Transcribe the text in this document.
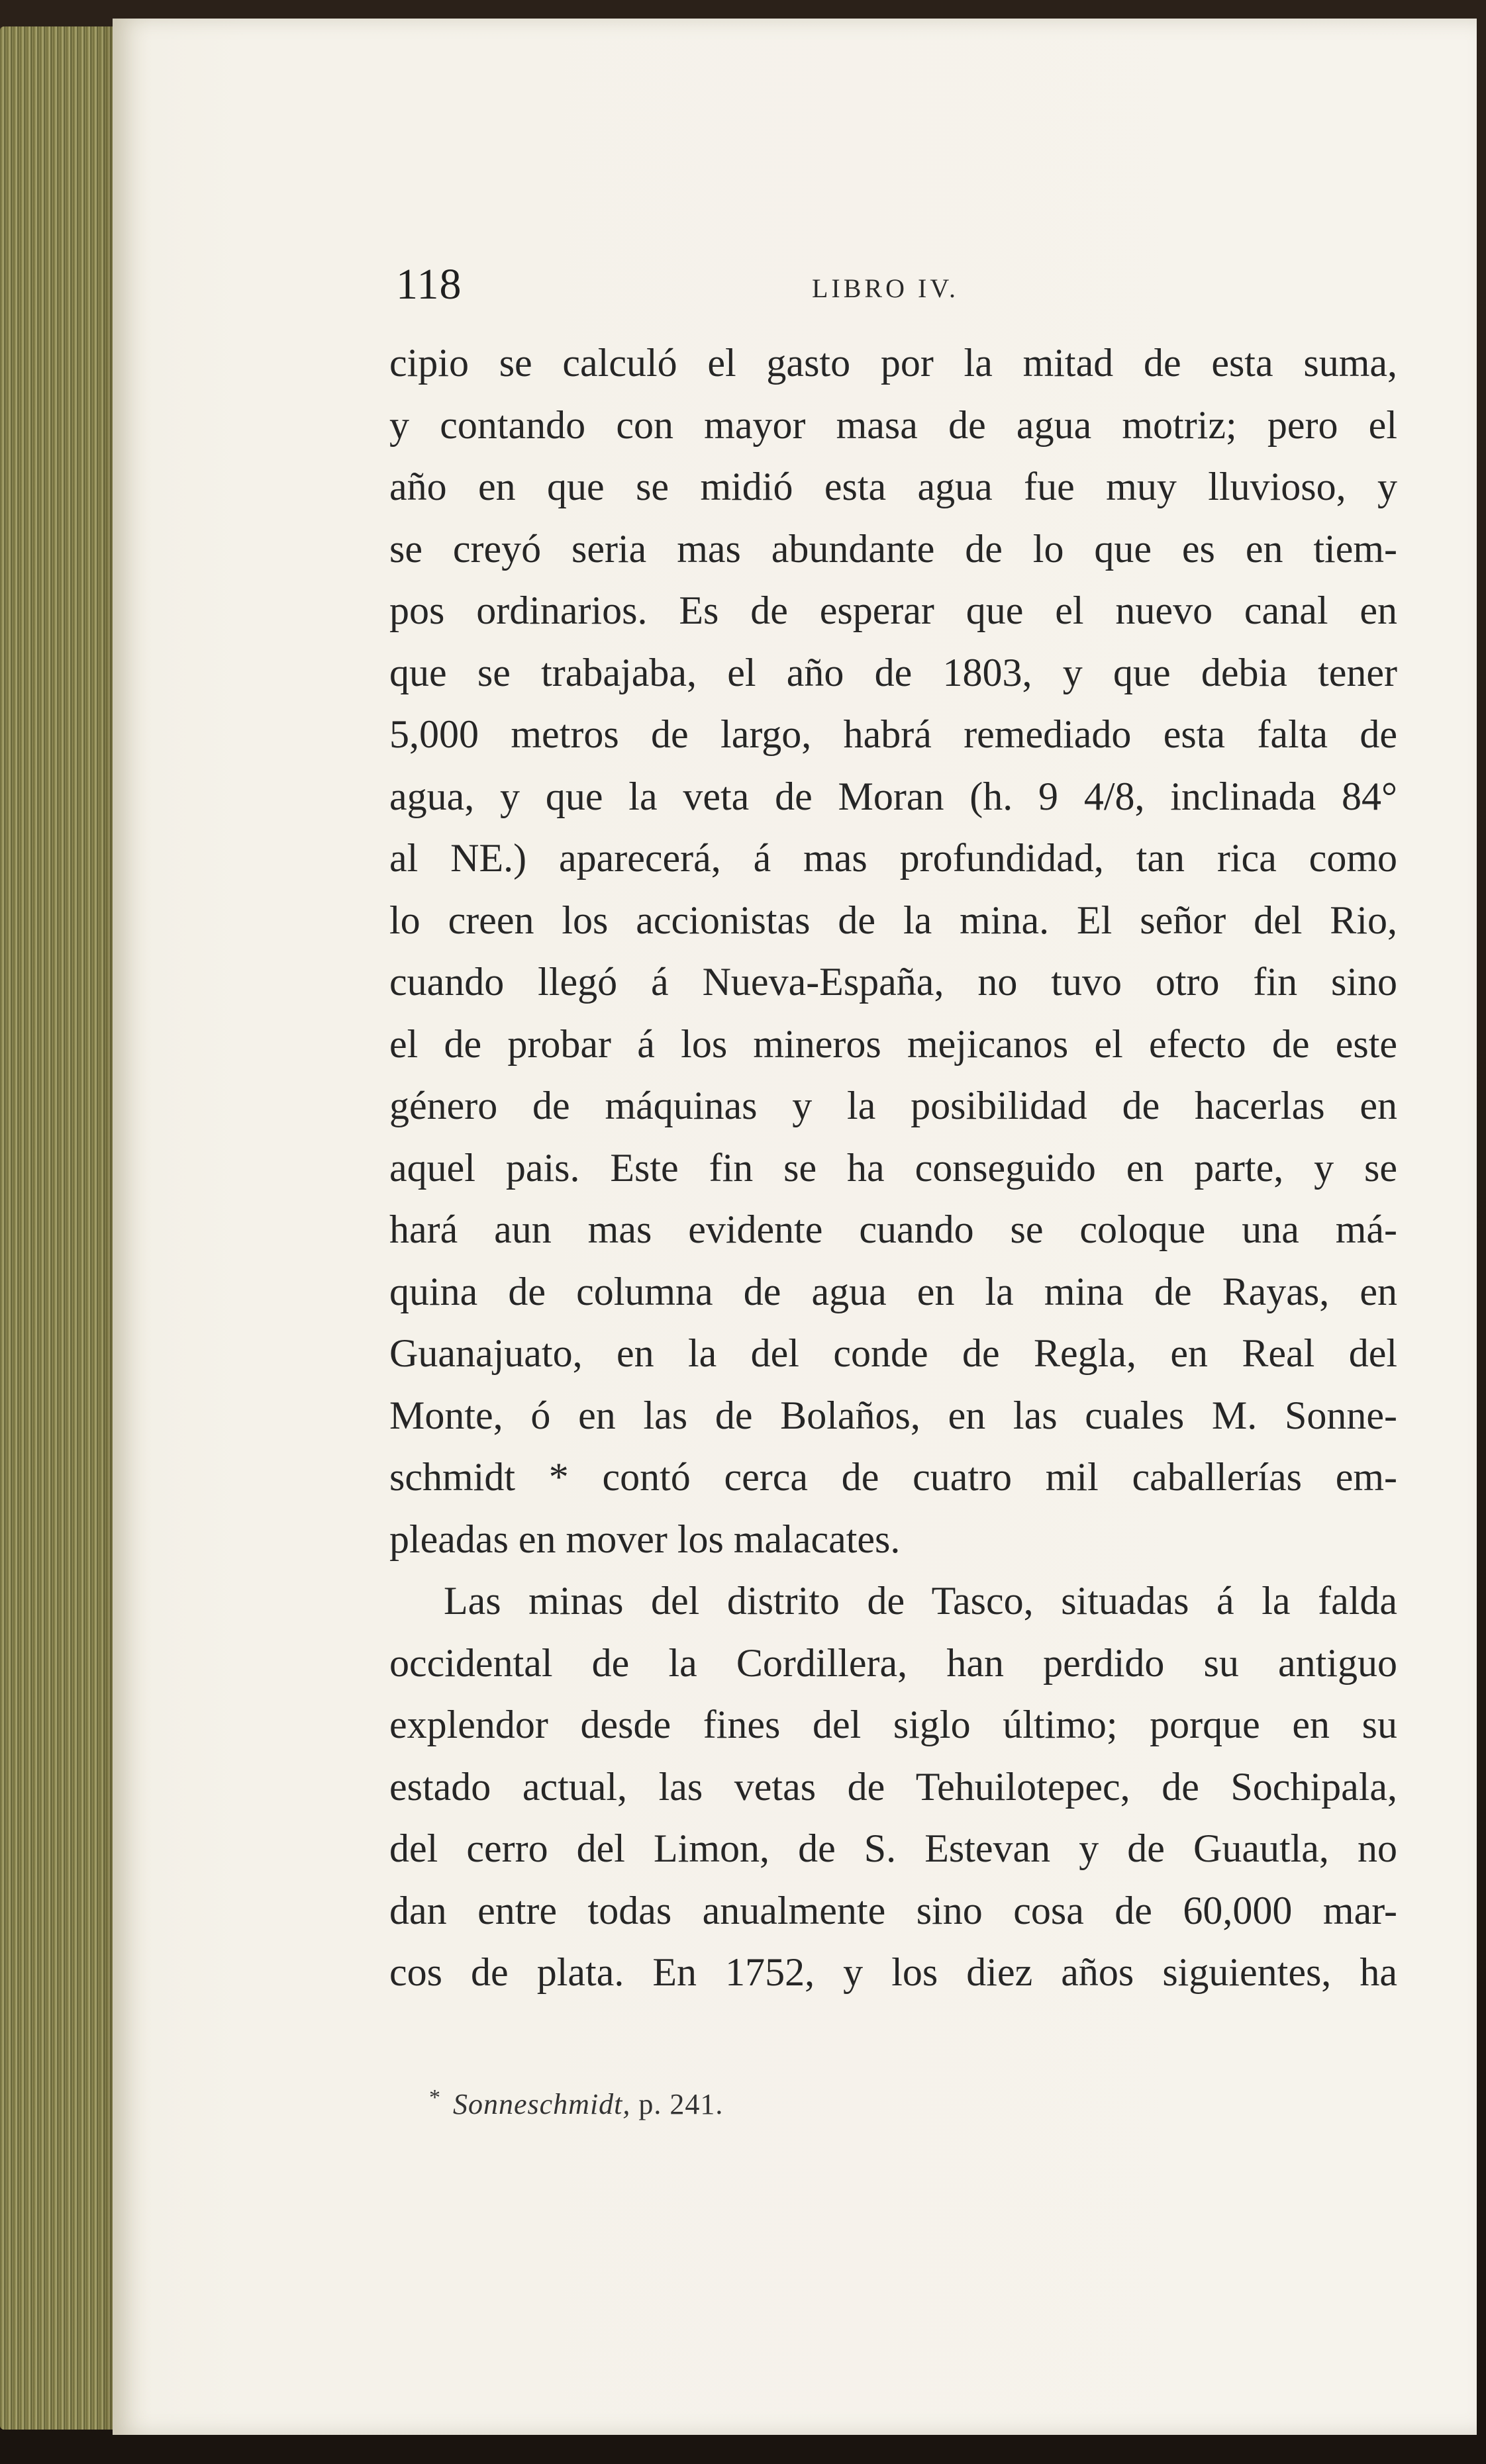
118	LIBRO IV.
cipio se calculó el gasto por la mitad de esta suma,
y contando con mayor masa de agua motriz; pero el
año en que se midió esta agua fue muy lluvioso, y
se creyó seria mas abundante de lo que es en tiem-
pos ordinarios. Es de esperar que el nuevo canal en
que se trabajaba, el año de 1803, y que debia tener
5,000 metros de largo, habrá remediado esta falta de
agua, y que la veta de Moran (h. 9 4/8, inclinada 84°
al NE.) aparecerá, á mas profundidad, tan rica como
lo creen los accionistas de la mina. El señor del Rio,
cuando llegó á Nueva-España, no tuvo otro fin sino
el de probar á los mineros mejicanos el efecto de este
género de máquinas y la posibilidad de hacerlas en
aquel pais. Este fin se ha conseguido en parte, y se
hará aun mas evidente cuando se coloque una má-
quina de columna de agua en la mina de Rayas, en
Guanajuato, en la del conde de Regla, en Real del
Monte, ó en las de Bolaños, en las cuales M. Sonne-
schmidt * contó cerca de cuatro mil caballerías em-
pleadas en mover los malacates.
Las minas del distrito de Tasco, situadas á la falda
occidental de la Cordillera, han perdido su antiguo
explendor desde fines del siglo último; porque en su
estado actual, las vetas de Tehuilotepec, de Sochipala,
del cerro del Limon, de S. Estevan y de Guautla, no
dan entre todas anualmente sino cosa de 60,000 mar-
cos de plata. En 1752, y los diez años siguientes, ha
* Sonneschmidt, p. 241.
